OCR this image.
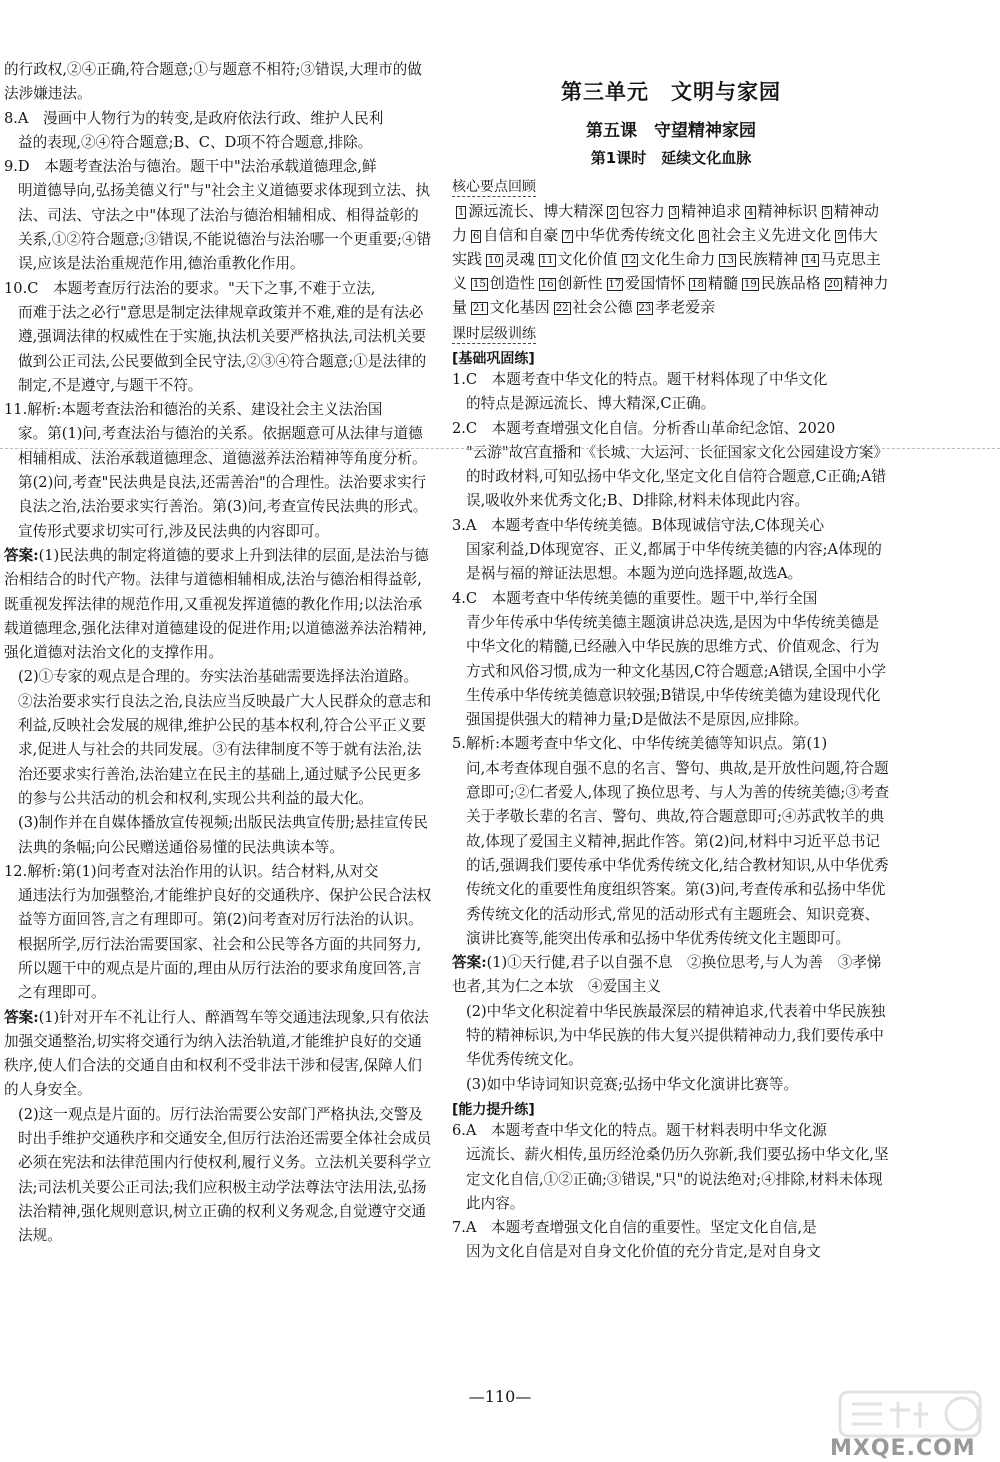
的行政权,②④正确,符合题意;①与题意不相符;③错误,大理市的做法涉嫌违法。
8.A　漫画中人物行为的转变,是政府依法行政、维护人民利
益的表现,②④符合题意;B、C、D项不符合题意,排除。
9.D　本题考查法治与德治。题干中"法治承载道德理念,鲜
明道德导向,弘扬美德义行"与"社会主义道德要求体现到立法、执法、司法、守法之中"体现了法治与德治相辅相成、相得益彰的关系,①②符合题意;③错误,不能说德治与法治哪一个更重要;④错误,应该是法治重规范作用,德治重教化作用。
10.C　本题考查厉行法治的要求。"天下之事,不难于立法,
而难于法之必行"意思是制定法律规章政策并不难,难的是有法必遵,强调法律的权威性在于实施,执法机关要严格执法,司法机关要做到公正司法,公民要做到全民守法,②③④符合题意;①是法律的制定,不是遵守,与题干不符。
11.解析:本题考查法治和德治的关系、建设社会主义法治国
家。第(1)问,考查法治与德治的关系。依据题意可从法律与道德相辅相成、法治承载道德理念、道德滋养法治精神等角度分析。第(2)问,考查"民法典是良法,还需善治"的合理性。法治要求实行良法之治,法治要求实行善治。第(3)问,考查宣传民法典的形式。宣传形式要求切实可行,涉及民法典的内容即可。
答案:(1)民法典的制定将道德的要求上升到法律的层面,是法治与德治相结合的时代产物。法律与道德相辅相成,法治与德治相得益彰,既重视发挥法律的规范作用,又重视发挥道德的教化作用;以法治承载道德理念,强化法律对道德建设的促进作用;以道德滋养法治精神,强化道德对法治文化的支撑作用。
(2)①专家的观点是合理的。夯实法治基础需要选择法治道路。②法治要求实行良法之治,良法应当反映最广大人民群众的意志和利益,反映社会发展的规律,维护公民的基本权利,符合公平正义要求,促进人与社会的共同发展。③有法律制度不等于就有法治,法治还要求实行善治,法治建立在民主的基础上,通过赋予公民更多的参与公共活动的机会和权利,实现公共利益的最大化。
(3)制作并在自媒体播放宣传视频;出版民法典宣传册;悬挂宣传民法典的条幅;向公民赠送通俗易懂的民法典读本等。
12.解析:第(1)问考查对法治作用的认识。结合材料,从对交
通违法行为加强整治,才能维护良好的交通秩序、保护公民合法权益等方面回答,言之有理即可。第(2)问考查对厉行法治的认识。根据所学,厉行法治需要国家、社会和公民等各方面的共同努力,所以题干中的观点是片面的,理由从厉行法治的要求角度回答,言之有理即可。
答案:(1)针对开车不礼让行人、醉酒驾车等交通违法现象,只有依法加强交通整治,切实将交通行为纳入法治轨道,才能维护良好的交通秩序,使人们合法的交通自由和权利不受非法干涉和侵害,保障人们的人身安全。
(2)这一观点是片面的。厉行法治需要公安部门严格执法,交警及时出手维护交通秩序和交通安全,但厉行法治还需要全体社会成员必须在宪法和法律范围内行使权利,履行义务。立法机关要科学立法;司法机关要公正司法;我们应积极主动学法尊法守法用法,弘扬法治精神,强化规则意识,树立正确的权利义务观念,自觉遵守交通法规。
第三单元　文明与家园
第五课　守望精神家园
第1课时　延续文化血脉
核心要点回顾
1 源远流长、博大精深 2 包容力 3 精神追求 4 精神标识 5 精神动力 6 自信和自豪 7 中华优秀传统文化 8 社会主义先进文化 9 伟大实践 10 灵魂 11 文化价值 12 文化生命力 13 民族精神 14 马克思主义 15 创造性 16 创新性 17 爱国情怀 18 精髓 19 民族品格 20 精神力量 21 文化基因 22 社会公德 23 孝老爱亲
课时层级训练
[基础巩固练]
1.C　本题考查中华文化的特点。题干材料体现了中华文化
的特点是源远流长、博大精深,C正确。
2.C　本题考查增强文化自信。分析香山革命纪念馆、2020
"云游"故宫直播和《长城、大运河、长征国家文化公园建设方案》的时政材料,可知弘扬中华文化,坚定文化自信符合题意,C正确;A错误,吸收外来优秀文化;B、D排除,材料未体现此内容。
3.A　本题考查中华传统美德。B体现诚信守法,C体现关心
国家利益,D体现宽容、正义,都属于中华传统美德的内容;A体现的是祸与福的辩证法思想。本题为逆向选择题,故选A。
4.C　本题考查中华传统美德的重要性。题干中,举行全国
青少年传承中华传统美德主题演讲总决选,是因为中华传统美德是中华文化的精髓,已经融入中华民族的思维方式、价值观念、行为方式和风俗习惯,成为一种文化基因,C符合题意;A错误,全国中小学生传承中华传统美德意识较强;B错误,中华传统美德为建设现代化强国提供强大的精神力量;D是做法不是原因,应排除。
5.解析:本题考查中华文化、中华传统美德等知识点。第(1)
问,本考查体现自强不息的名言、警句、典故,是开放性问题,符合题意即可;②仁者爱人,体现了换位思考、与人为善的传统美德;③考查关于孝敬长辈的名言、警句、典故,符合题意即可;④苏武牧羊的典故,体现了爱国主义精神,据此作答。第(2)问,材料中习近平总书记的话,强调我们要传承中华优秀传统文化,结合教材知识,从中华优秀传统文化的重要性角度组织答案。第(3)问,考查传承和弘扬中华优秀传统文化的活动形式,常见的活动形式有主题班会、知识竞赛、演讲比赛等,能突出传承和弘扬中华优秀传统文化主题即可。
答案:(1)①天行健,君子以自强不息　②换位思考,与人为善　③孝悌也者,其为仁之本欤　④爱国主义
(2)中华文化积淀着中华民族最深层的精神追求,代表着中华民族独特的精神标识,为中华民族的伟大复兴提供精神动力,我们要传承中华优秀传统文化。
(3)如中华诗词知识竞赛;弘扬中华文化演讲比赛等。
[能力提升练]
6.A　本题考查中华文化的特点。题干材料表明中华文化源
远流长、薪火相传,虽历经沧桑仍历久弥新,我们要弘扬中华文化,坚定文化自信,①②正确;③错误,"只"的说法绝对;④排除,材料未体现此内容。
7.A　本题考查增强文化自信的重要性。坚定文化自信,是
因为文化自信是对自身文化价值的充分肯定,是对自身文
—110—
MXQE.COM
